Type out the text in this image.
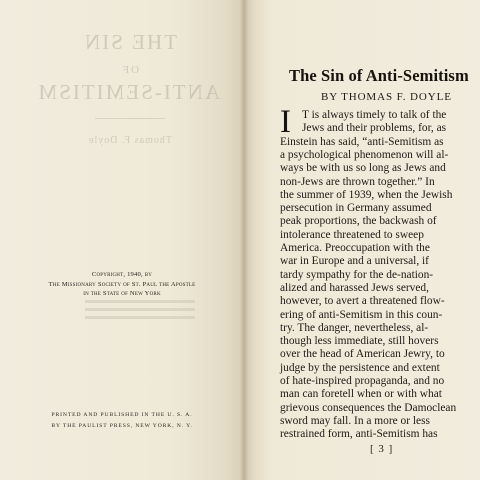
THE SIN
OF
ANTI-SEMITISM
Thomas F. Doyle
Copyright, 1940, by
The Missionary Society of St. Paul the Apostle
in the State of New York
PRINTED AND PUBLISHED IN THE U. S. A.
BY THE PAULIST PRESS, NEW YORK, N. Y.
The Sin of Anti-Semitism
BY THOMAS F. DOYLE
I T is always timely to talk of the
Jews and their problems, for, as
Einstein has said, “anti-Semitism as
a psychological phenomenon will al-
ways be with us so long as Jews and
non-Jews are thrown together.” In
the summer of 1939, when the Jewish
persecution in Germany assumed
peak proportions, the backwash of
intolerance threatened to sweep
America. Preoccupation with the
war in Europe and a universal, if
tardy sympathy for the de-nation-
alized and harassed Jews served,
however, to avert a threatened flow-
ering of anti-Semitism in this coun-
try. The danger, nevertheless, al-
though less immediate, still hovers
over the head of American Jewry, to
judge by the persistence and extent
of hate-inspired propaganda, and no
man can foretell when or with what
grievous consequences the Damoclean
sword may fall. In a more or less
restrained form, anti-Semitism has
[ 3 ]
